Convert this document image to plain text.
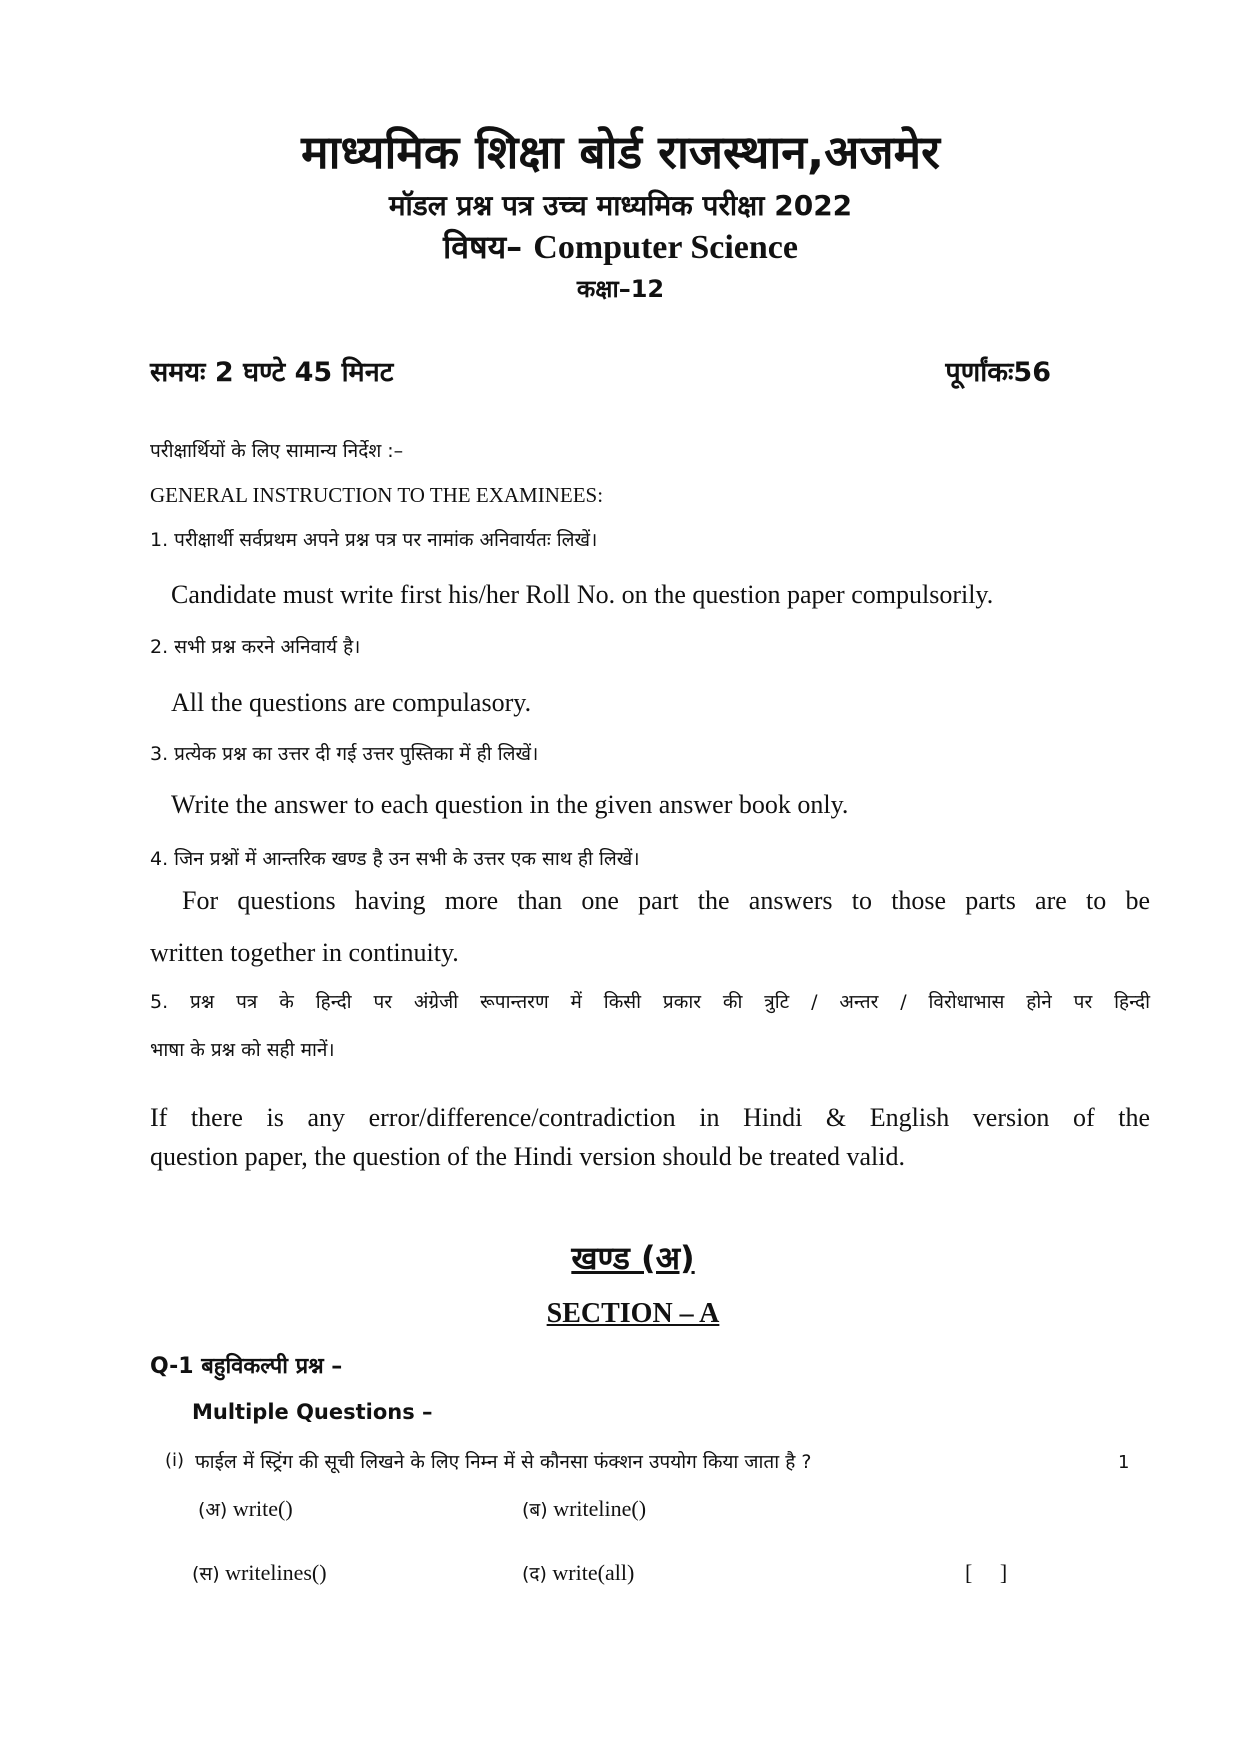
माध्यमिक शिक्षा बोर्ड राजस्थान,अजमेर
मॉडल प्रश्न पत्र उच्च माध्यमिक परीक्षा 2022
विषय– Computer Science
कक्षा–12
समयः 2 घण्टे 45 मिनट	पूर्णांकः56
परीक्षार्थियों के लिए सामान्य निर्देश :–
GENERAL INSTRUCTION TO THE EXAMINEES:
1. परीक्षार्थी सर्वप्रथम अपने प्रश्न पत्र पर नामांक अनिवार्यतः लिखें।
Candidate must write first his/her Roll No. on the question paper compulsorily.
2. सभी प्रश्न करने अनिवार्य है।
All the questions are compulasory.
3. प्रत्येक प्रश्न का उत्तर दी गई उत्तर पुस्तिका में ही लिखें।
Write the answer to each question in the given answer book only.
4. जिन प्रश्नों में आन्तरिक खण्ड है उन सभी के उत्तर एक साथ ही लिखें।
For questions having more than one part the answers to those parts are to be
written together in continuity.
5. प्रश्न पत्र के हिन्दी पर अंग्रेजी रूपान्तरण में किसी प्रकार की त्रुटि / अन्तर / विरोधाभास होने पर हिन्दी
भाषा के प्रश्न को सही मानें।
If there is any error/difference/contradiction in Hindi & English version of the
question paper, the question of the Hindi version should be treated valid.
खण्ड (अ)
SECTION – A
Q-1 बहुविकल्पी प्रश्न –
Multiple Questions –
(i) फाईल में स्ट्रिंग की सूची लिखने के लिए निम्न में से कौनसा फंक्शन उपयोग किया जाता है ?	1
(अ) write()	(ब) writeline()
(स) writelines()	(द) write(all)	[     ]
